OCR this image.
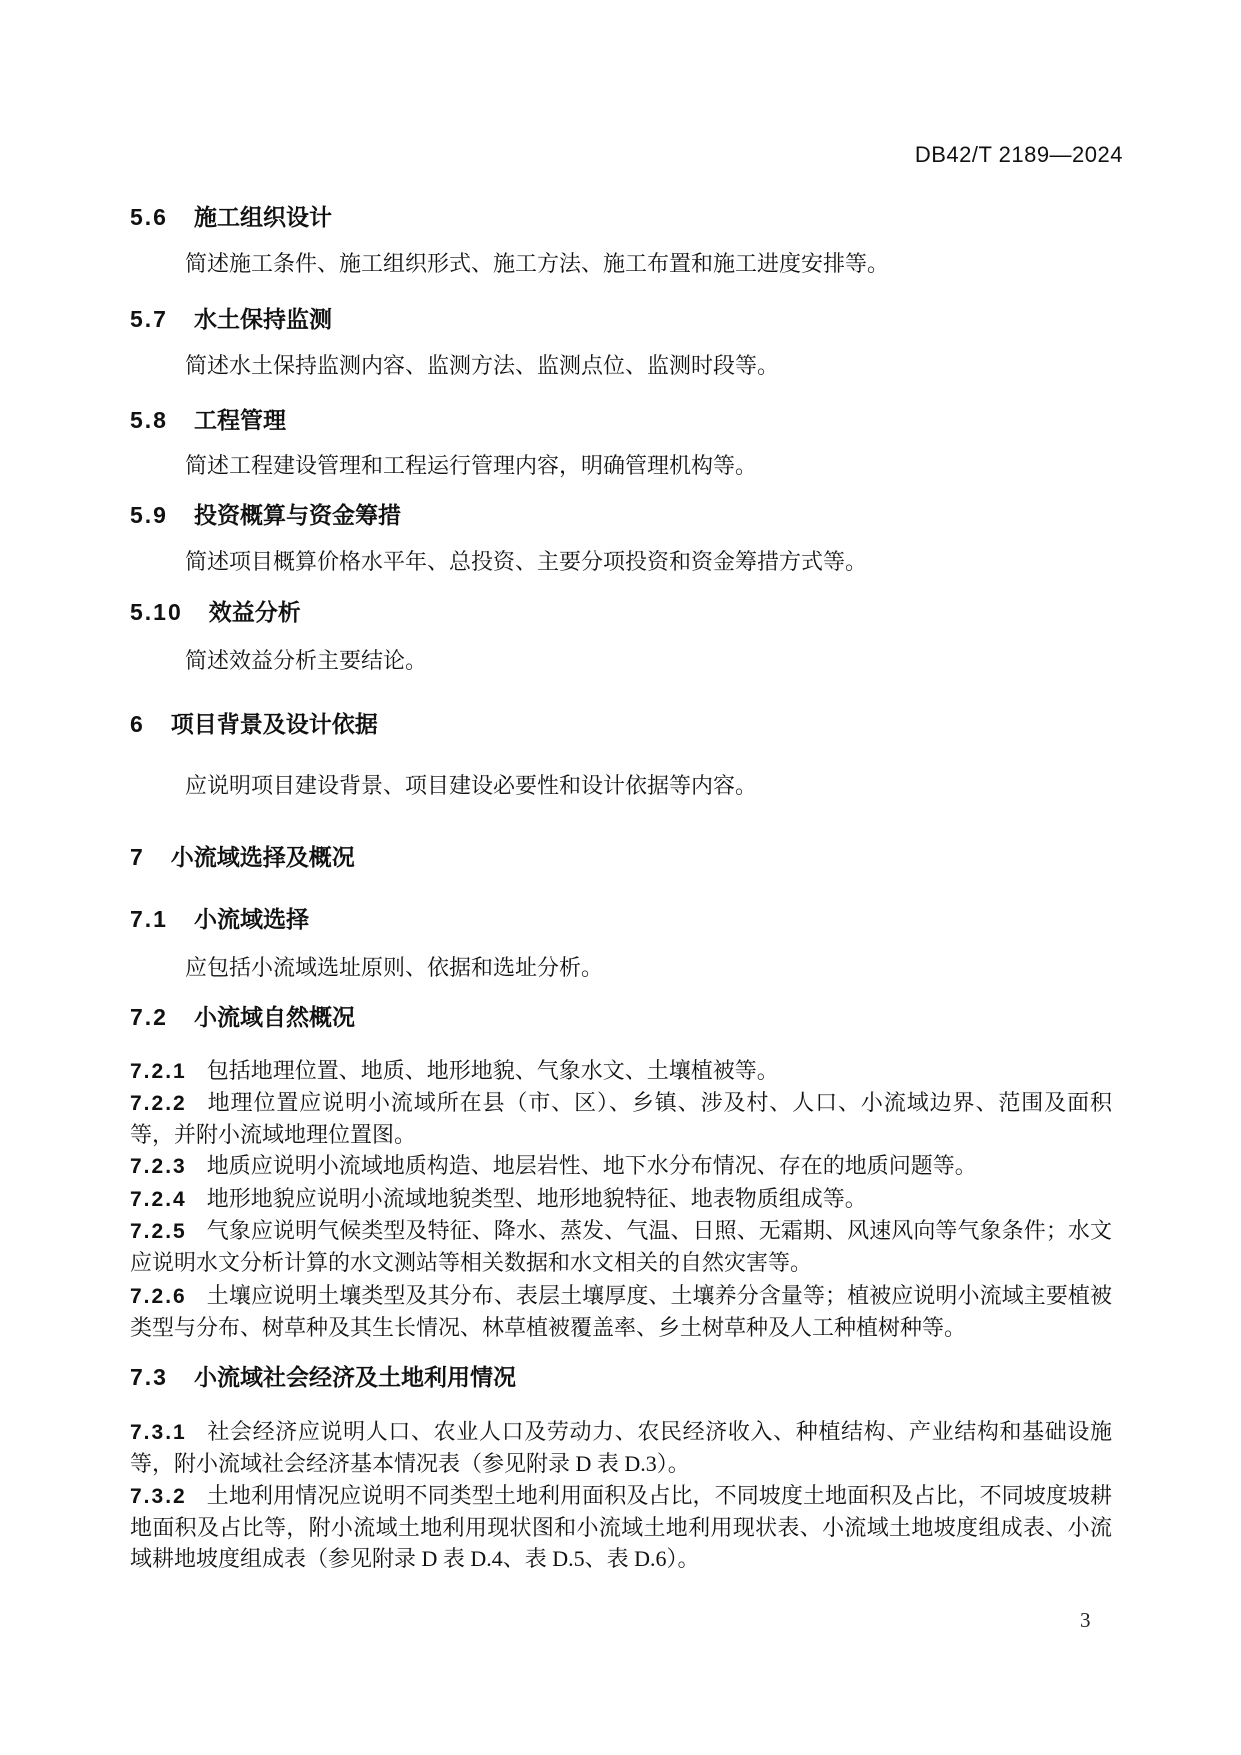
DB42/T 2189—2024
5.6 施工组织设计
简述施工条件、施工组织形式、施工方法、施工布置和施工进度安排等。
5.7 水土保持监测
简述水土保持监测内容、监测方法、监测点位、监测时段等。
5.8 工程管理
简述工程建设管理和工程运行管理内容，明确管理机构等。
5.9 投资概算与资金筹措
简述项目概算价格水平年、总投资、主要分项投资和资金筹措方式等。
5.10 效益分析
简述效益分析主要结论。
6 项目背景及设计依据
应说明项目建设背景、项目建设必要性和设计依据等内容。
7 小流域选择及概况
7.1 小流域选择
应包括小流域选址原则、依据和选址分析。
7.2 小流域自然概况
7.2.1 包括地理位置、地质、地形地貌、气象水文、土壤植被等。
7.2.2 地理位置应说明小流域所在县（市、区）、乡镇、涉及村、人口、小流域边界、范围及面积等，并附小流域地理位置图。
7.2.3 地质应说明小流域地质构造、地层岩性、地下水分布情况、存在的地质问题等。
7.2.4 地形地貌应说明小流域地貌类型、地形地貌特征、地表物质组成等。
7.2.5 气象应说明气候类型及特征、降水、蒸发、气温、日照、无霜期、风速风向等气象条件；水文应说明水文分析计算的水文测站等相关数据和水文相关的自然灾害等。
7.2.6 土壤应说明土壤类型及其分布、表层土壤厚度、土壤养分含量等；植被应说明小流域主要植被类型与分布、树草种及其生长情况、林草植被覆盖率、乡土树草种及人工种植树种等。
7.3 小流域社会经济及土地利用情况
7.3.1 社会经济应说明人口、农业人口及劳动力、农民经济收入、种植结构、产业结构和基础设施等，附小流域社会经济基本情况表（参见附录 D 表 D.3）。
7.3.2 土地利用情况应说明不同类型土地利用面积及占比，不同坡度土地面积及占比，不同坡度坡耕地面积及占比等，附小流域土地利用现状图和小流域土地利用现状表、小流域土地坡度组成表、小流域耕地坡度组成表（参见附录 D 表 D.4、表 D.5、表 D.6）。
3
